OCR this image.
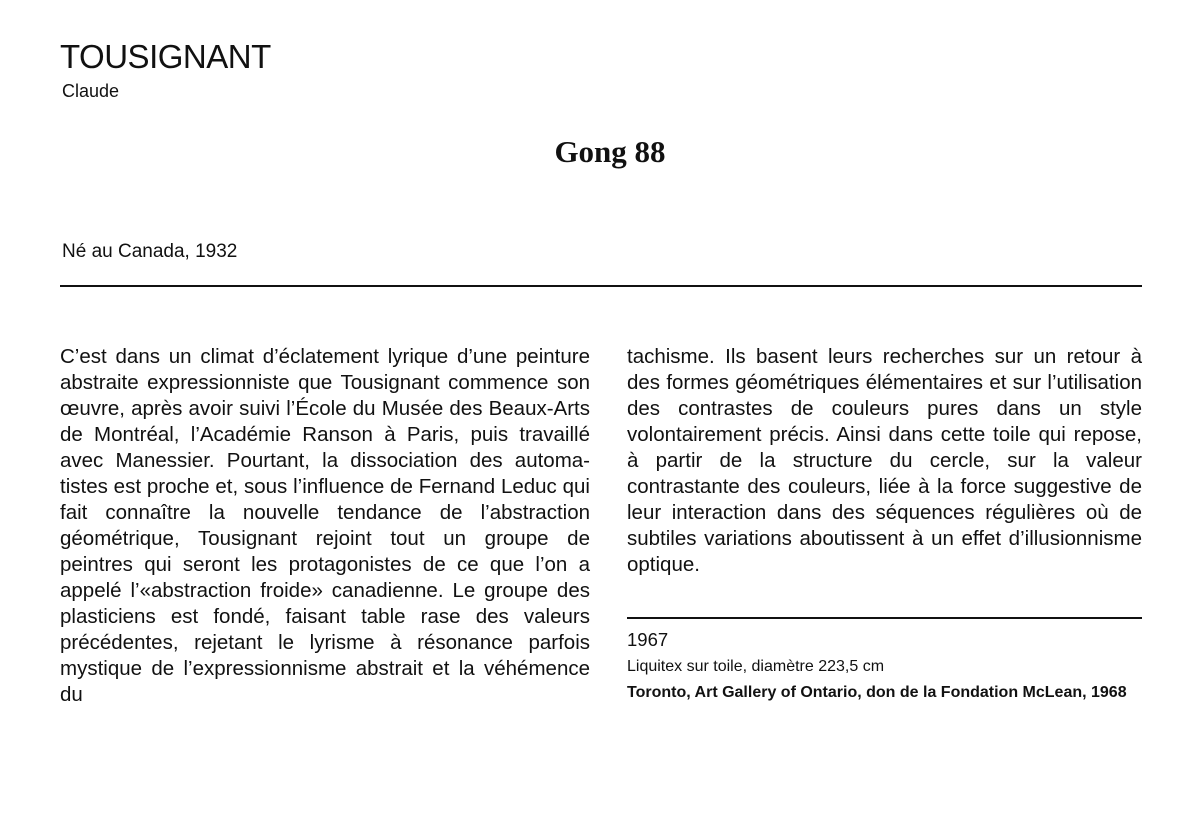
TOUSIGNANT
Claude
Gong 88
Né au Canada, 1932
C’est dans un climat d’éclatement lyrique d’une peinture abstraite expressionniste que Tousignant commence son œuvre, après avoir suivi l’École du Musée des Beaux-Arts de Montréal, l’Académie Ranson à Paris, puis travaillé avec Manessier. Pourtant, la dissociation des automatistes est proche et, sous l’influence de Fernand Leduc qui fait connaître la nouvelle tendance de l’abstraction géométrique, Tousignant rejoint tout un groupe de peintres qui seront les protagonistes de ce que l’on a appelé l’«abstraction froide» canadienne. Le groupe des plasticiens est fondé, faisant table rase des valeurs précédentes, rejetant le lyrisme à résonance parfois mystique de l’expressionnisme abstrait et la véhémence du
tachisme. Ils basent leurs recherches sur un retour à des formes géométriques élémentaires et sur l’utilisation des contrastes de couleurs pures dans un style volontairement précis. Ainsi dans cette toile qui repose, à partir de la structure du cercle, sur la valeur contrastante des couleurs, liée à la force suggestive de leur interaction dans des séquences régulières où de subtiles variations aboutissent à un effet d’illusionnisme optique.
1967
Liquitex sur toile, diamètre 223,5 cm
Toronto, Art Gallery of Ontario, don de la Fondation McLean, 1968
